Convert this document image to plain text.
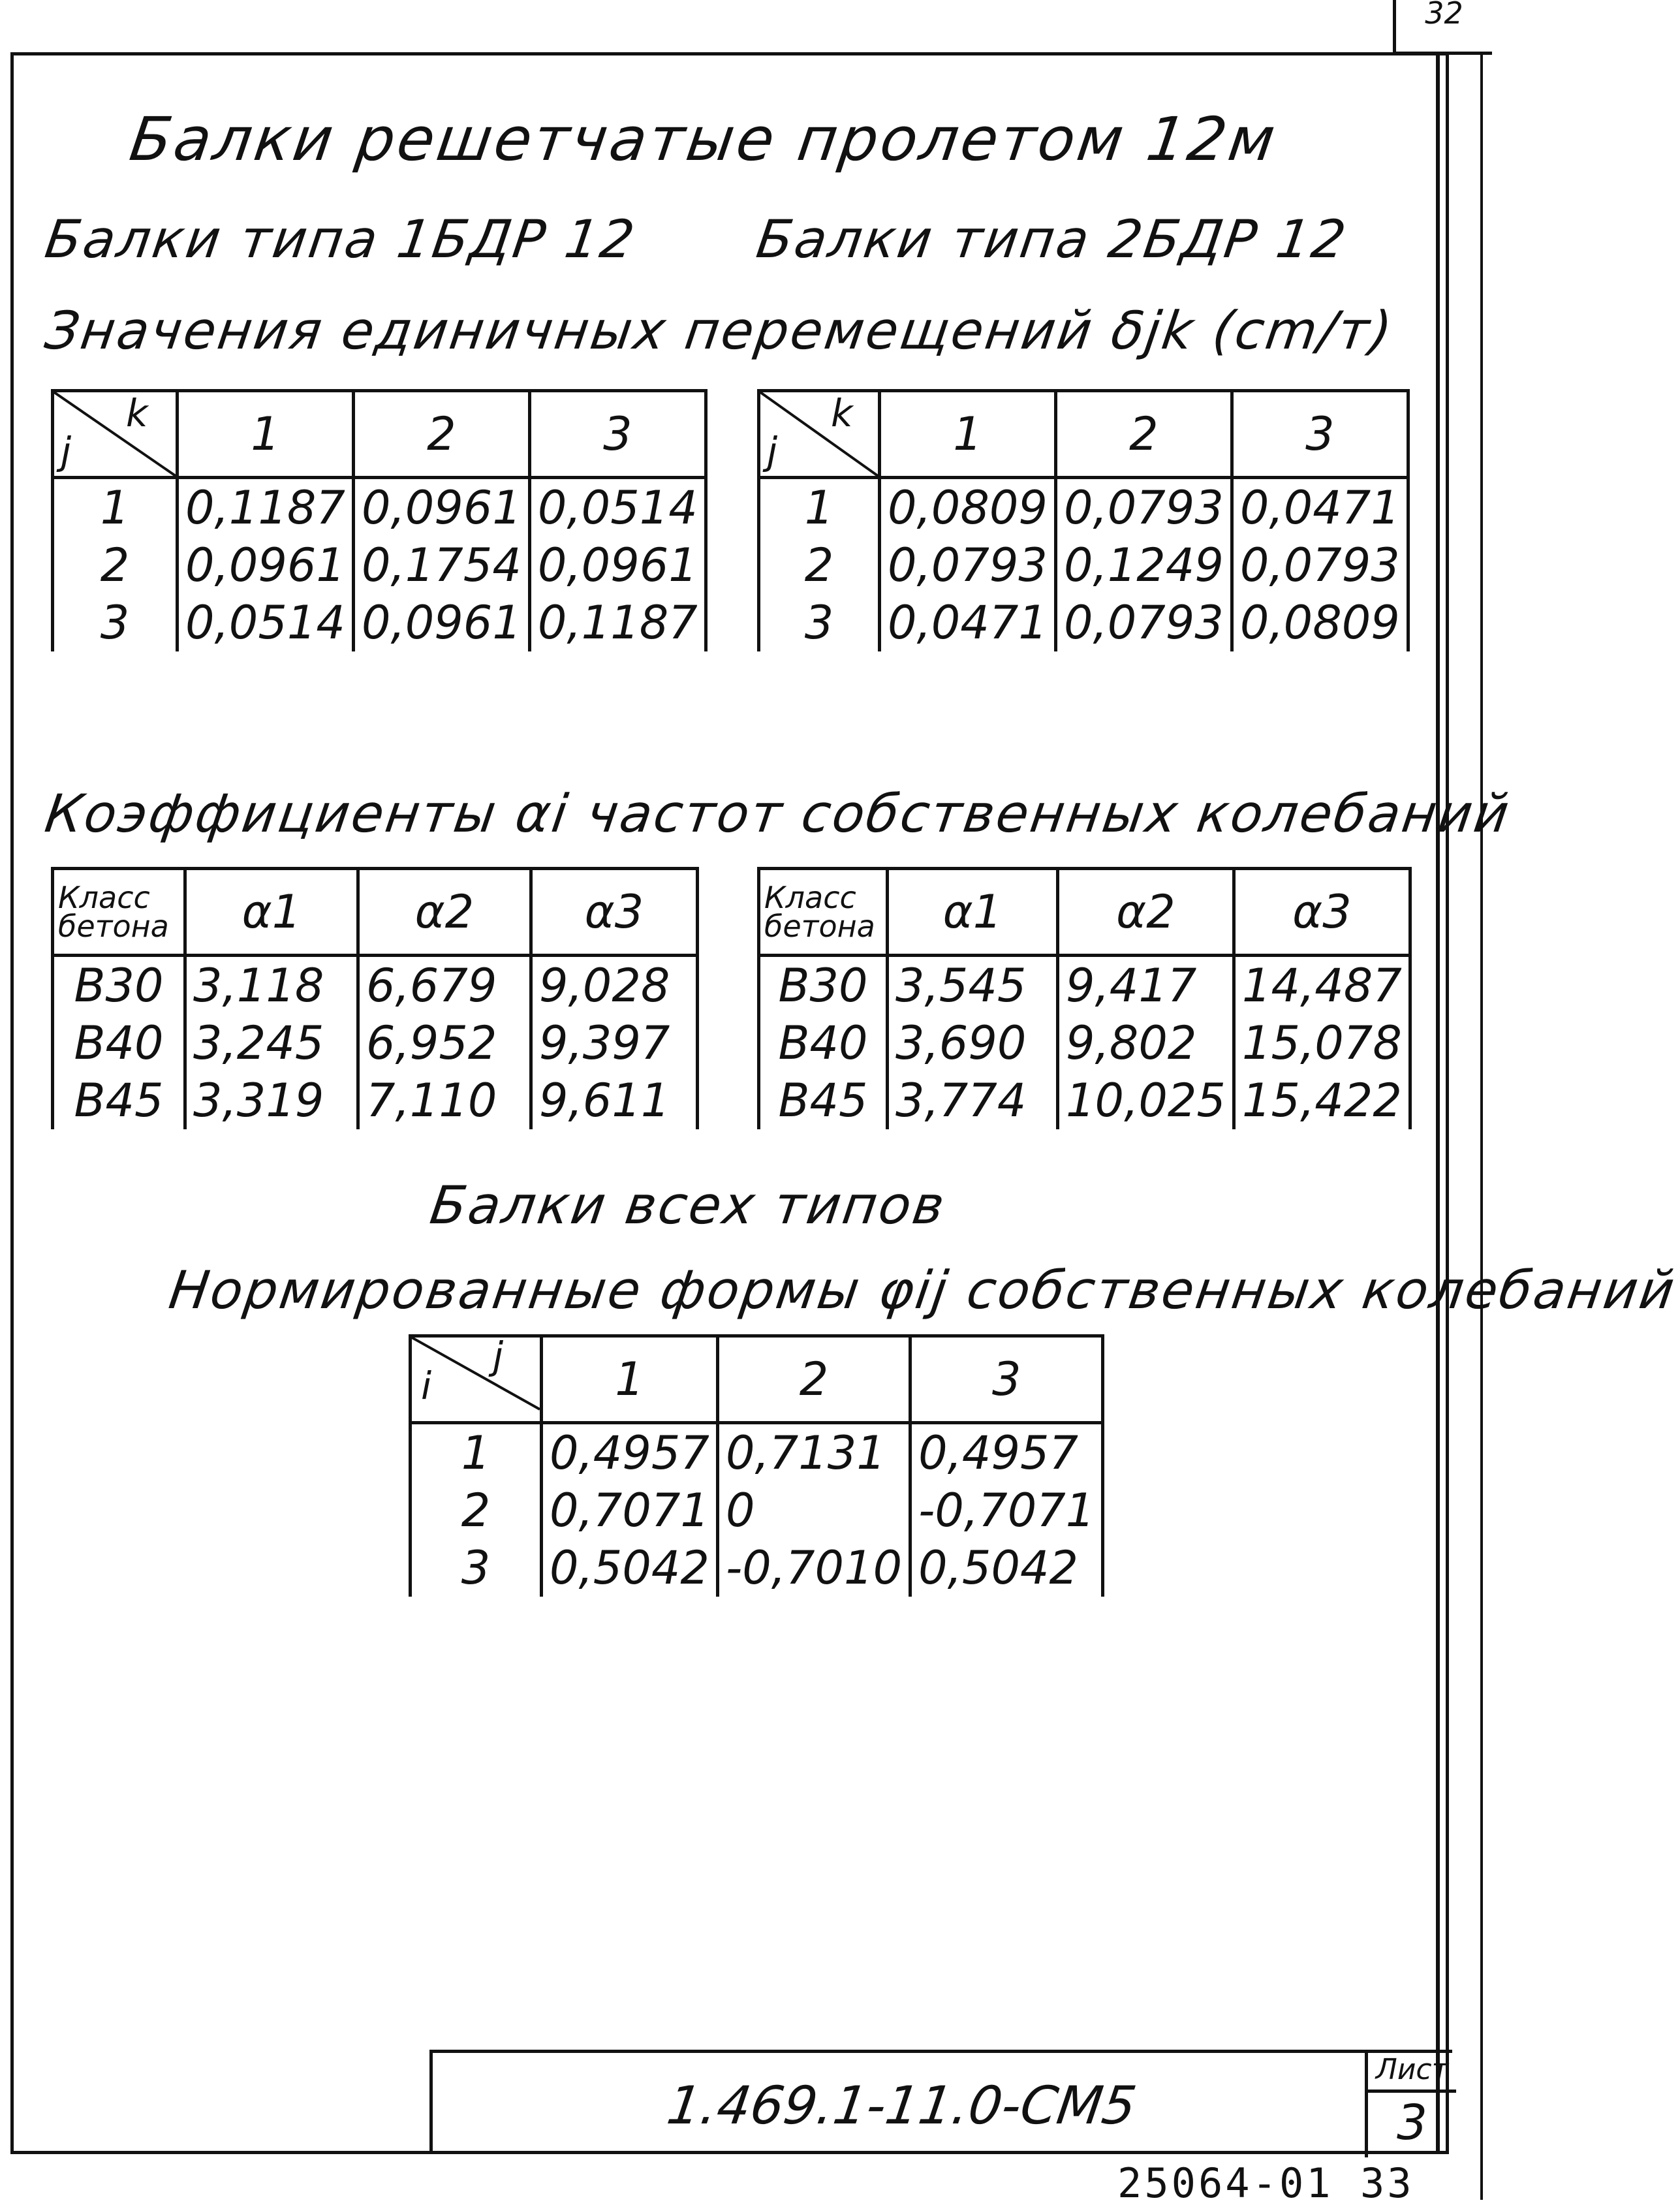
32
Балки решетчатые пролетом 12м
Балки типа 1БДР 12 Балки типа 2БДР 12
Значения единичных перемещений δjk (cm/т)
k
j	1	2	3
1	0,1187	0,0961	0,0514
2	0,0961	0,1754	0,0961
3	0,0514	0,0961	0,1187
k
j	1	2	3
1	0,0809	0,0793	0,0471
2	0,0793	0,1249	0,0793
3	0,0471	0,0793	0,0809
Коэффициенты αi частот собственных колебаний
Класс
бетона	α1	α2	α3
В30	3,118	6,679	9,028
В40	3,245	6,952	9,397
В45	3,319	7,110	9,611
Класс
бетона	α1	α2	α3
В30	3,545	9,417	14,487
В40	3,690	9,802	15,078
В45	3,774	10,025	15,422
Балки всех типов
Нормированные формы φij собственных колебаний
j
i	1	2	3
1	0,4957	0,7131	0,4957
2	0,7071	0	-0,7071
3	0,5042	-0,7010	0,5042
1.469.1-11.0-СМ5
Лист
3
25064-01 33
